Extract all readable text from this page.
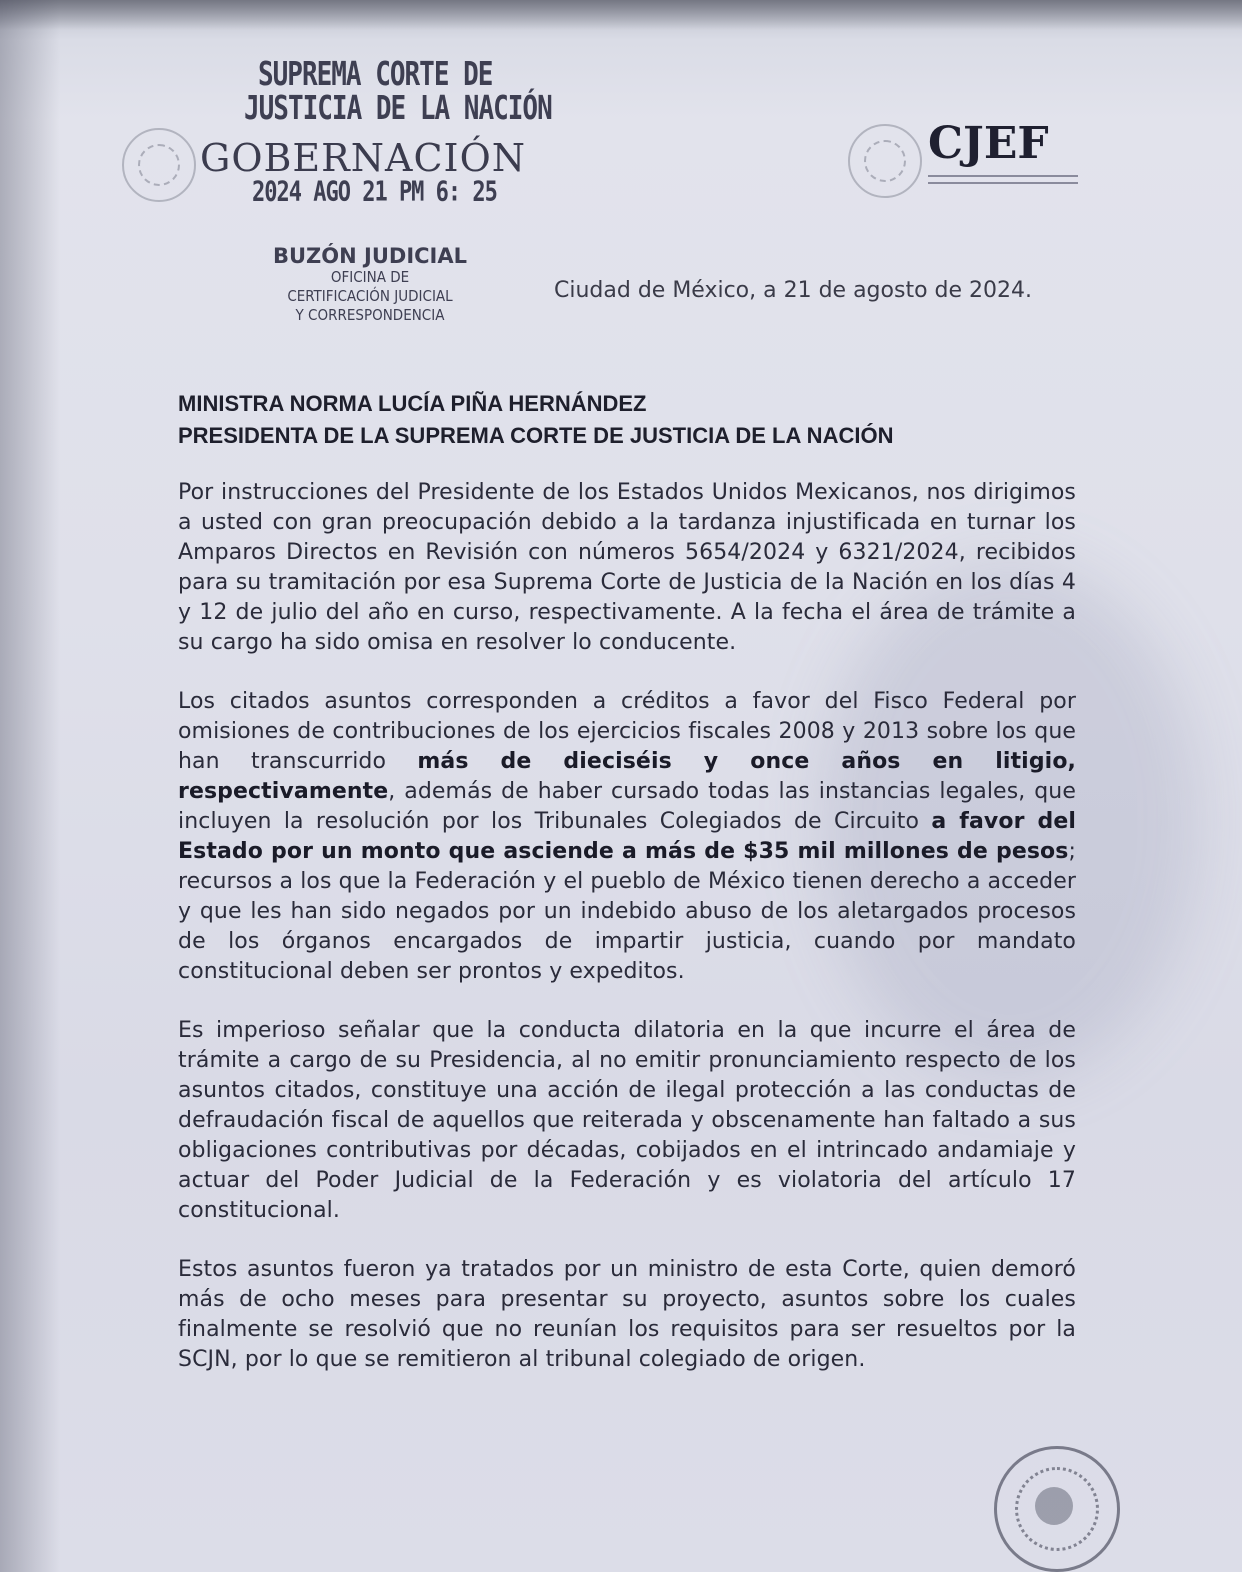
SUPREMA CORTE DE
JUSTICIA DE LA NACIÓN
GOBERNACIÓN
2024 AGO 21 PM 6: 25
CJEF
BUZÓN JUDICIAL
OFICINA DE
CERTIFICACIÓN JUDICIAL
Y CORRESPONDENCIA
Ciudad de México, a 21 de agosto de 2024.
MINISTRA NORMA LUCÍA PIÑA HERNÁNDEZ
PRESIDENTA DE LA SUPREMA CORTE DE JUSTICIA DE LA NACIÓN

Por instrucciones del Presidente de los Estados Unidos Mexicanos, nos dirigimos a usted con gran preocupación debido a la tardanza injustificada en turnar los Amparos Directos en Revisión con números 5654/2024 y 6321/2024, recibidos para su tramitación por esa Suprema Corte de Justicia de la Nación en los días 4 y 12 de julio del año en curso, respectivamente. A la fecha el área de trámite a su cargo ha sido omisa en resolver lo conducente.

Los citados asuntos corresponden a créditos a favor del Fisco Federal por omisiones de contribuciones de los ejercicios fiscales 2008 y 2013 sobre los que han transcurrido más de dieciséis y once años en litigio, respectivamente, además de haber cursado todas las instancias legales, que incluyen la resolución por los Tribunales Colegiados de Circuito a favor del Estado por un monto que asciende a más de $35 mil millones de pesos; recursos a los que la Federación y el pueblo de México tienen derecho a acceder y que les han sido negados por un indebido abuso de los aletargados procesos de los órganos encargados de impartir justicia, cuando por mandato constitucional deben ser prontos y expeditos.

Es imperioso señalar que la conducta dilatoria en la que incurre el área de trámite a cargo de su Presidencia, al no emitir pronunciamiento respecto de los asuntos citados, constituye una acción de ilegal protección a las conductas de defraudación fiscal de aquellos que reiterada y obscenamente han faltado a sus obligaciones contributivas por décadas, cobijados en el intrincado andamiaje y actuar del Poder Judicial de la Federación y es violatoria del artículo 17 constitucional.

Estos asuntos fueron ya tratados por un ministro de esta Corte, quien demoró más de ocho meses para presentar su proyecto, asuntos sobre los cuales finalmente se resolvió que no reunían los requisitos para ser resueltos por la SCJN, por lo que se remitieron al tribunal colegiado de origen.
